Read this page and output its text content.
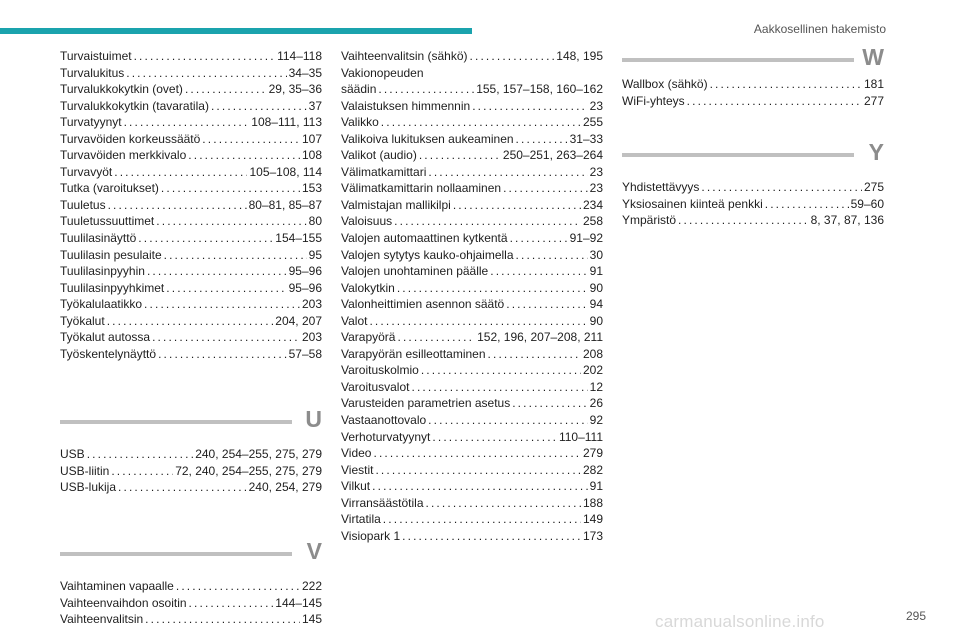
Aakkosellinen hakemisto
Turvaistuimet . . .	114–118
Turvalukitus . . .	34–35
Turvalukkokytkin (ovet) . . .	29, 35–36
Turvalukkokytkin (tavaratila) . . .	37
Turvatyynyt . . .	108–111, 113
Turvavöiden korkeussäätö . . .	107
Turvavöiden merkkivalo . . .	108
Turvavyöt . . .	105–108, 114
Tutka (varoitukset) . . .	153
Tuuletus . . .	80–81, 85–87
Tuuletussuuttimet . . .	80
Tuulilasinäyttö . . .	154–155
Tuulilasin pesulaite . . .	95
Tuulilasinpyyhin . . .	95–96
Tuulilasinpyyhkimet . . .	95–96
Työkalulaatikko . . .	203
Työkalut . . .	204, 207
Työkalut autossa . . .	203
Työskentelynäyttö . . .	57–58
U
USB . . .	240, 254–255, 275, 279
USB-liitin . . .	72, 240, 254–255, 275, 279
USB-lukija . . .	240, 254, 279
V
Vaihtaminen vapaalle . . .	222
Vaihteenvaihdon osoitin . . .	144–145
Vaihteenvalitsin . . .	145
Vaihteenvalitsin (sähkö) . . .	148, 195
Vakionopeuden
säädin . . .	155, 157–158, 160–162
Valaistuksen himmennin . . .	23
Valikko . . .	255
Valikoiva lukituksen aukeaminen . . .	31–33
Valikot (audio) . . .	250–251, 263–264
Välimatkamittari . . .	23
Välimatkamittarin nollaaminen . . .	23
Valmistajan mallikilpi . . .	234
Valoisuus . . .	258
Valojen automaattinen kytkentä . . .	91–92
Valojen sytytys kauko-ohjaimella . . .	30
Valojen unohtaminen päälle . . .	91
Valokytkin . . .	90
Valonheittimien asennon säätö . . .	94
Valot . . .	90
Varapyörä . . .	152, 196, 207–208, 211
Varapyörän esilleottaminen . . .	208
Varoituskolmio . . .	202
Varoitusvalot . . .	12
Varusteiden parametrien asetus . . .	26
Vastaanottovalo . . .	92
Verhoturvatyynyt . . .	110–111
Video . . .	279
Viestit . . .	282
Vilkut . . .	91
Virransäästötila . . .	188
Virtatila . . .	149
Visiopark 1 . . .	173
W
Wallbox (sähkö) . . .	181
WiFi-yhteys . . .	277
Y
Yhdistettävyys . . .	275
Yksiosainen kiinteä penkki . . .	59–60
Ympäristö . . .	8, 37, 87, 136
carmanualsonline.info	295
